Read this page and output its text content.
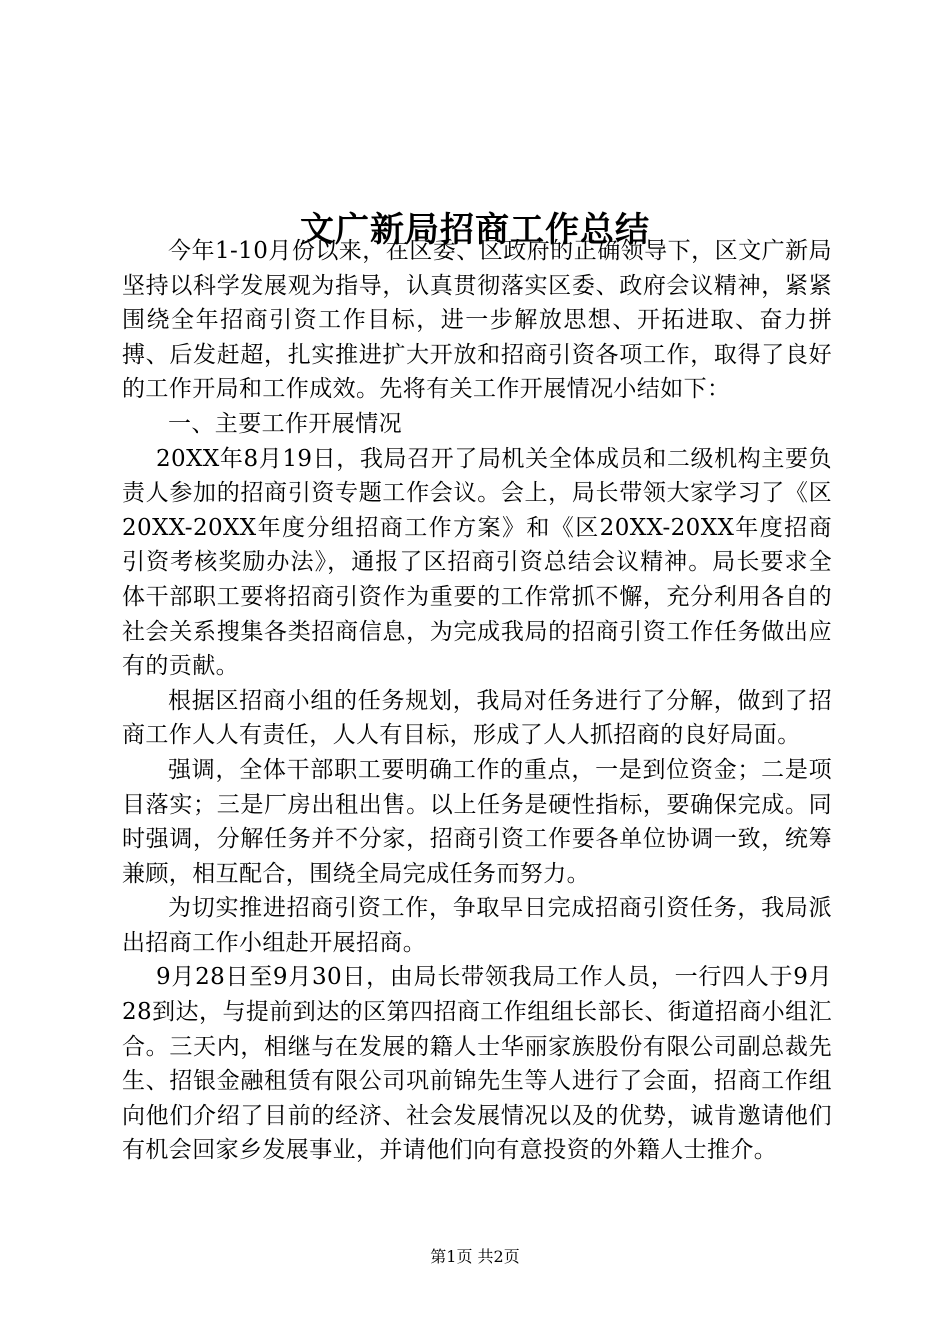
文广新局招商工作总结

今年1-10月份以来，在区委、区政府的正确领导下，区文广新局坚持以科学发展观为指导，认真贯彻落实区委、政府会议精神，紧紧围绕全年招商引资工作目标，进一步解放思想、开拓进取、奋力拼搏、后发赶超，扎实推进扩大开放和招商引资各项工作，取得了良好的工作开局和工作成效。先将有关工作开展情况小结如下：

一、主要工作开展情况

20XX年8月19日，我局召开了局机关全体成员和二级机构主要负责人参加的招商引资专题工作会议。会上，局长带领大家学习了《区20XX-20XX年度分组招商工作方案》和《区20XX-20XX年度招商引资考核奖励办法》，通报了区招商引资总结会议精神。局长要求全体干部职工要将招商引资作为重要的工作常抓不懈，充分利用各自的社会关系搜集各类招商信息，为完成我局的招商引资工作任务做出应有的贡献。

根据区招商小组的任务规划，我局对任务进行了分解，做到了招商工作人人有责任，人人有目标，形成了人人抓招商的良好局面。

强调，全体干部职工要明确工作的重点，一是到位资金；二是项目落实；三是厂房出租出售。以上任务是硬性指标，要确保完成。同时强调，分解任务并不分家，招商引资工作要各单位协调一致，统筹兼顾，相互配合，围绕全局完成任务而努力。

为切实推进招商引资工作，争取早日完成招商引资任务，我局派出招商工作小组赴开展招商。

9月28日至9月30日，由局长带领我局工作人员，一行四人于9月28到达，与提前到达的区第四招商工作组组长部长、街道招商小组汇合。三天内，相继与在发展的籍人士华丽家族股份有限公司副总裁先生、招银金融租赁有限公司巩前锦先生等人进行了会面，招商工作组向他们介绍了目前的经济、社会发展情况以及的优势，诚肯邀请他们有机会回家乡发展事业，并请他们向有意投资的外籍人士推介。

第1页 共2页
